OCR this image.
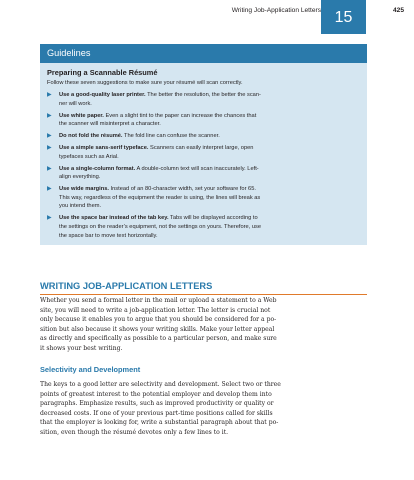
Writing Job-Application Letters 15	425
Guidelines
Preparing a Scannable Résumé
Follow these seven suggestions to make sure your résumé will scan correctly.
▶ Use a good-quality laser printer. The better the resolution, the better the scan-
ner will work.
▶ Use white paper. Even a slight tint to the paper can increase the chances that
the scanner will misinterpret a character.
▶ Do not fold the résumé. The fold line can confuse the scanner.
▶ Use a simple sans-serif typeface. Scanners can easily interpret large, open
typefaces such as Arial.
▶ Use a single-column format. A double-column text will scan inaccurately. Left-
align everything.
▶ Use wide margins. Instead of an 80-character width, set your software for 65.
This way, regardless of the equipment the reader is using, the lines will break as
you intend them.
▶ Use the space bar instead of the tab key. Tabs will be displayed according to
the settings on the reader’s equipment, not the settings on yours. Therefore, use
the space bar to move text horizontally.
WRITING JOB-APPLICATION LETTERS

Whether you send a formal letter in the mail or upload a statement to a Web
site, you will need to write a job-application letter. The letter is crucial not
only because it enables you to argue that you should be considered for a po-
sition but also because it shows your writing skills. Make your letter appeal
as directly and specifically as possible to a particular person, and make sure
it shows your best writing.

Selectivity and Development

The keys to a good letter are selectivity and development. Select two or three
points of greatest interest to the potential employer and develop them into
paragraphs. Emphasize results, such as improved productivity or quality or
decreased costs. If one of your previous part-time positions called for skills
that the employer is looking for, write a substantial paragraph about that po-
sition, even though the résumé devotes only a few lines to it.
